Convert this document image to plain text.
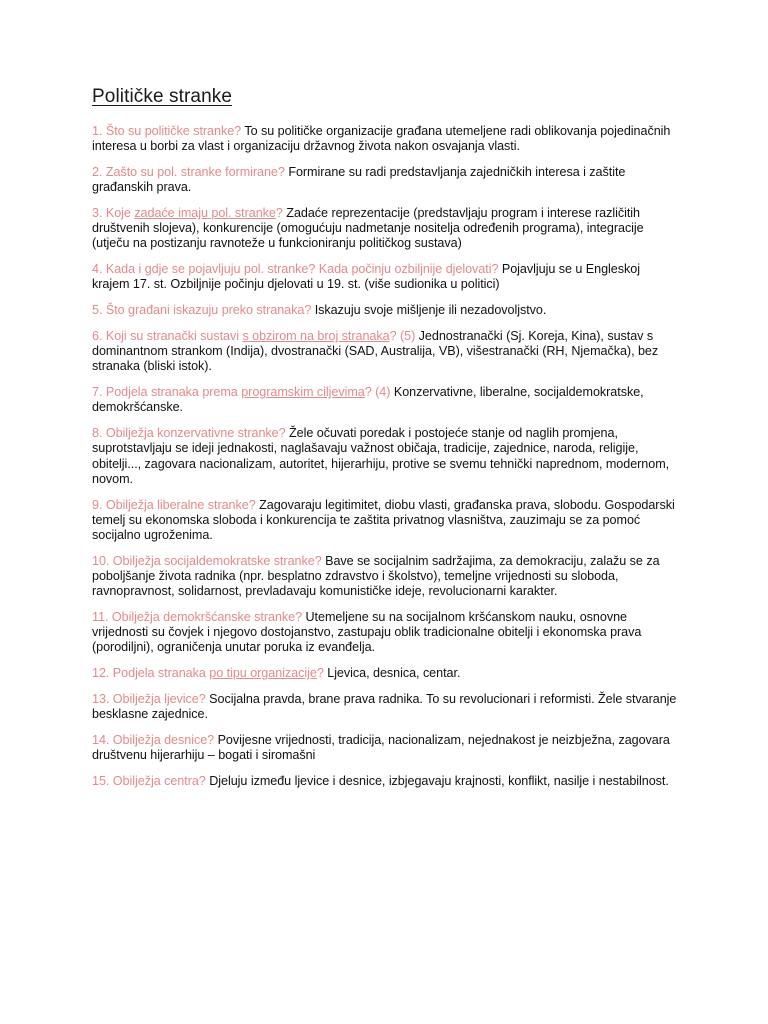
Političke stranke

1. Što su političke stranke? To su političke organizacije građana utemeljene radi oblikovanja pojedinačnih interesa u borbi za vlast i organizaciju državnog života nakon osvajanja vlasti.

2. Zašto su pol. stranke formirane? Formirane su radi predstavljanja zajedničkih interesa i zaštite građanskih prava.

3. Koje zadaće imaju pol. stranke? Zadaće reprezentacije (predstavljaju program i interese različitih društvenih slojeva), konkurencije (omogućuju nadmetanje nositelja određenih programa), integracije (utječu na postizanju ravnoteže u funkcioniranju političkog sustava)

4. Kada i gdje se pojavljuju pol. stranke? Kada počinju ozbiljnije djelovati? Pojavljuju se u Engleskoj krajem 17. st. Ozbiljnije počinju djelovati u 19. st. (više sudionika u politici)

5. Što građani iskazuju preko stranaka? Iskazuju svoje mišljenje ili nezadovoljstvo.

6. Koji su stranački sustavi s obzirom na broj stranaka? (5) Jednostranački (Sj. Koreja, Kina), sustav s dominantnom strankom (Indija), dvostranački (SAD, Australija, VB), višestranački (RH, Njemačka), bez stranaka (bliski istok).

7. Podjela stranaka prema programskim ciljevima? (4) Konzervativne, liberalne, socijaldemokratske, demokršćanske.

8. Obilježja konzervativne stranke? Žele očuvati poredak i postojeće stanje od naglih promjena, suprotstavljaju se ideji jednakosti, naglašavaju važnost običaja, tradicije, zajednice, naroda, religije, obitelji..., zagovara nacionalizam, autoritet, hijerarhiju, protive se svemu tehnički naprednom, modernom, novom.

9. Obilježja liberalne stranke? Zagovaraju legitimitet, diobu vlasti, građanska prava, slobodu. Gospodarski temelj su ekonomska sloboda i konkurencija te zaštita privatnog vlasništva, zauzimaju se za pomoć socijalno ugroženima.

10. Obilježja socijaldemokratske stranke? Bave se socijalnim sadržajima, za demokraciju, zalažu se za poboljšanje života radnika (npr. besplatno zdravstvo i školstvo), temeljne vrijednosti su sloboda, ravnopravnost, solidarnost, prevladavaju komunističke ideje, revolucionarni karakter.

11. Obilježja demokršćanske stranke? Utemeljene su na socijalnom kršćanskom nauku, osnovne vrijednosti su čovjek i njegovo dostojanstvo, zastupaju oblik tradicionalne obitelji i ekonomska prava (porodiljni), ograničenja unutar poruka iz evanđelja.

12. Podjela stranaka po tipu organizacije? Ljevica, desnica, centar.

13. Obilježja ljevice? Socijalna pravda, brane prava radnika. To su revolucionari i reformisti. Žele stvaranje besklasne zajednice.

14. Obilježja desnice? Povijesne vrijednosti, tradicija, nacionalizam, nejednakost je neizbježna, zagovara društvenu hijerarhiju – bogati i siromašni

15. Obilježja centra? Djeluju između ljevice i desnice, izbjegavaju krajnosti, konflikt, nasilje i nestabilnost.
